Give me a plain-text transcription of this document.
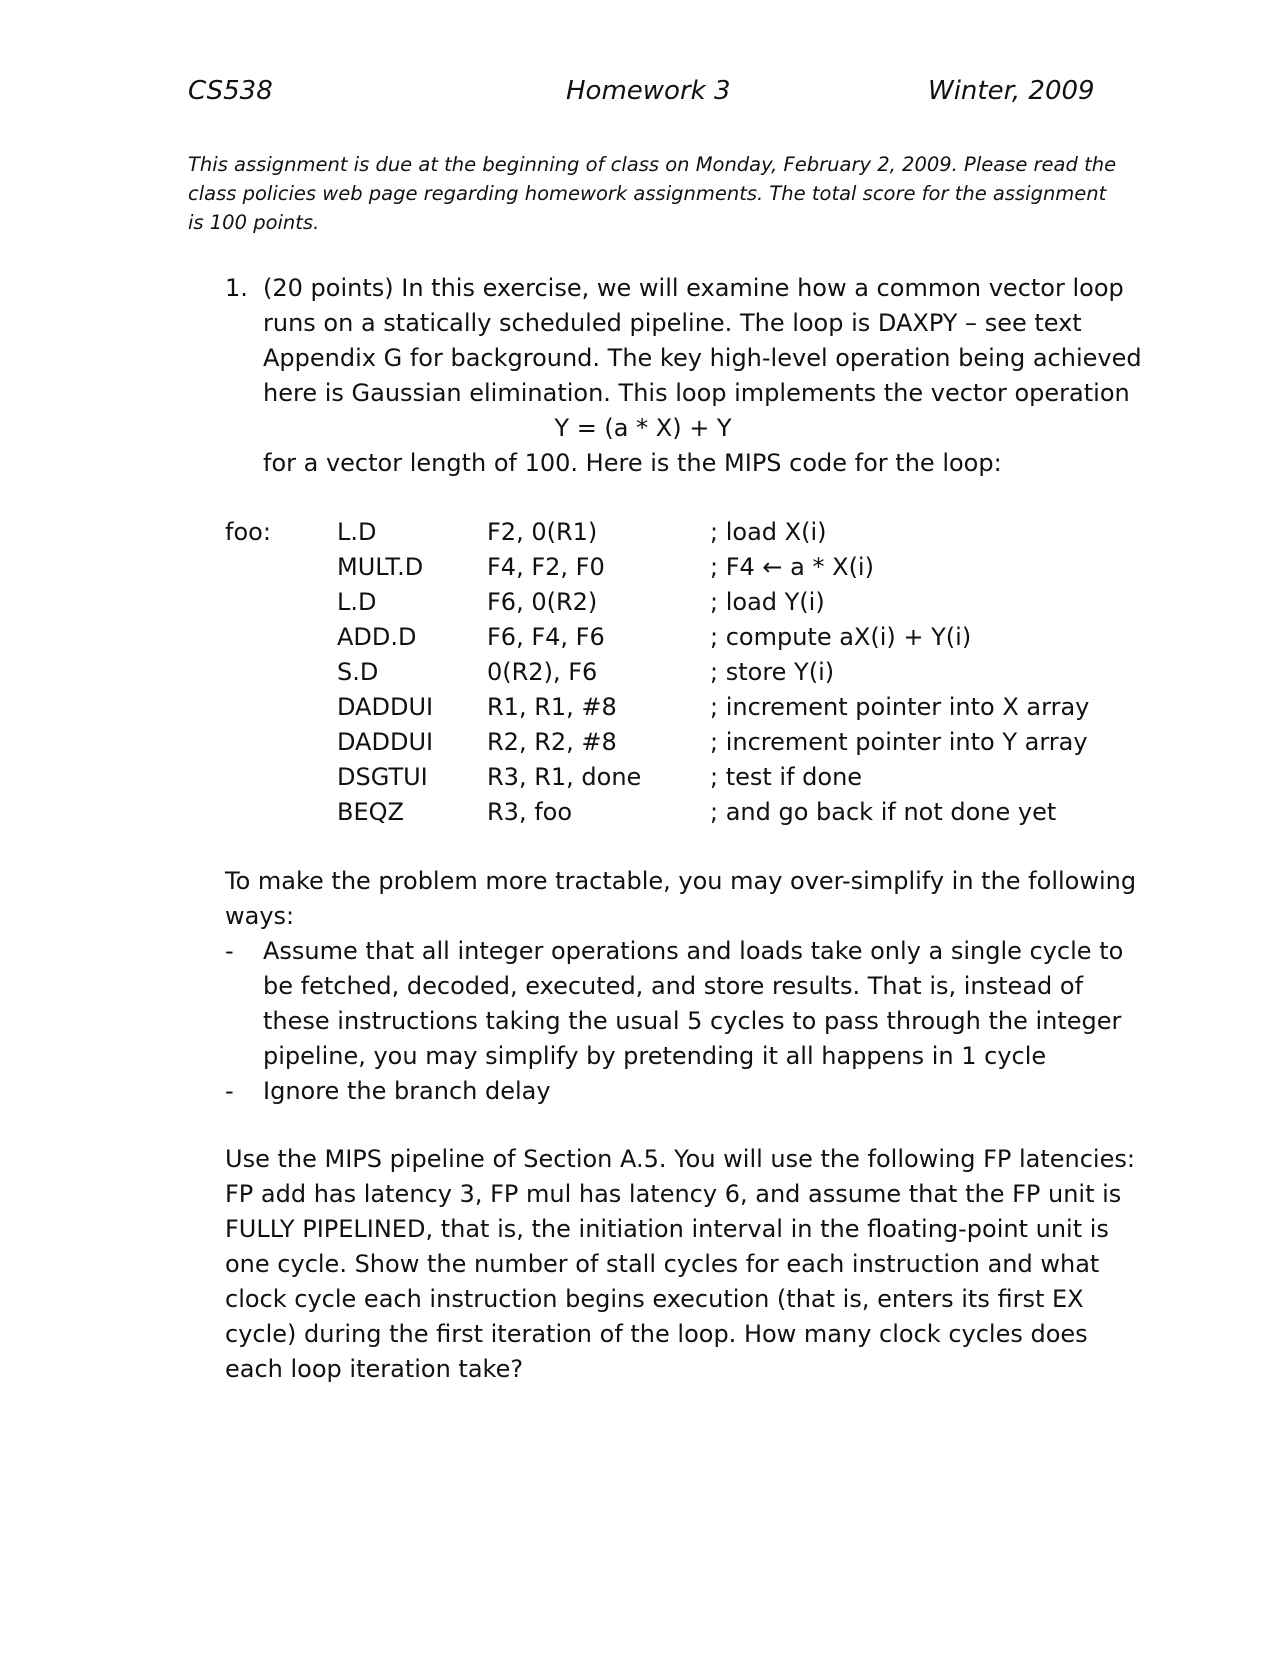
CS538	Homework 3	Winter, 2009

This assignment is due at the beginning of class on Monday, February 2, 2009. Please read the class policies web page regarding homework assignments. The total score for the assignment is 100 points.

1. (20 points) In this exercise, we will examine how a common vector loop runs on a statically scheduled pipeline. The loop is DAXPY – see text Appendix G for background. The key high-level operation being achieved here is Gaussian elimination. This loop implements the vector operation
Y = (a * X) + Y
for a vector length of 100. Here is the MIPS code for the loop:
foo:	L.D	F2, 0(R1)	; load X(i)
MULT.D	F4, F2, F0	; F4 ← a * X(i)
L.D	F6, 0(R2)	; load Y(i)
ADD.D	F6, F4, F6	; compute aX(i) + Y(i)
S.D	0(R2), F6	; store Y(i)
DADDUI R1, R1, #8	; increment pointer into X array
DADDUI R2, R2, #8	; increment pointer into Y array
DSGTUI R3, R1, done	; test if done
BEQZ	R3, foo	; and go back if not done yet

To make the problem more tractable, you may over-simplify in the following ways:

- Assume that all integer operations and loads take only a single cycle to be fetched, decoded, executed, and store results. That is, instead of these instructions taking the usual 5 cycles to pass through the integer pipeline, you may simplify by pretending it all happens in 1 cycle
- Ignore the branch delay

Use the MIPS pipeline of Section A.5. You will use the following FP latencies: FP add has latency 3, FP mul has latency 6, and assume that the FP unit is FULLY PIPELINED, that is, the initiation interval in the floating-point unit is one cycle. Show the number of stall cycles for each instruction and what clock cycle each instruction begins execution (that is, enters its first EX cycle) during the first iteration of the loop. How many clock cycles does each loop iteration take?
